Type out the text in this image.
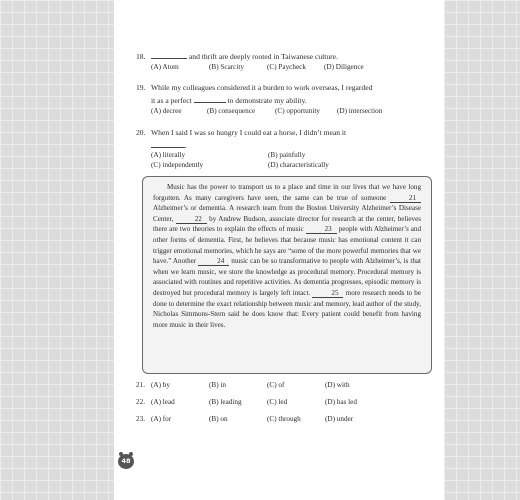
18.	and thrift are deeply rooted in Taiwanese culture.
(A) Atom	(B) Scarcity	(C) Paycheck	(D) Diligence
19. While my colleagues considered it a burden to work overseas, I regarded
it as a perfect	to demonstrate my ability.
(A) decree	(B) consequence	(C) opportunity (D) intersection
20. When I said I was so hungry I could eat a horse, I didn’t mean it
.
(A) literally	(B) painfully
(C) independently	(D) characteristically

Music has the power to transport us to a place and time in our lives that we have long forgotten. As many caregivers have seen, the same can be true of someone	21 Alzheimer’s or dementia. A research team from the Boston University Alzheimer’s Disease Center,	22 by Andrew Budson, associate director for research at the center, believes there are two theories to explain the effects of music	23 people with Alzheimer’s and other forms of dementia. First, he believes that because music has emotional content it can trigger emotional memories, which he says are “some of the more powerful memories that we have.” Another	24 music can be so transformative to people with Alzheimer’s, is that when we learn music, we store the knowledge as procedural memory. Procedural memory is associated with routines and repetitive activities. As dementia progresses, episodic memory is destroyed but procedural memory is largely left intact.	25 more research needs to be done to determine the exact relationship between music and memory, lead author of the study, Nicholas Simmons-Stern said he does know that: Every patient could benefit from having more music in their lives.

21. (A) by	(B) in	(C) of	(D) with
22. (A) lead	(B) leading	(C) led	(D) has led
23. (A) for	(B) on	(C) through	(D) under
48
